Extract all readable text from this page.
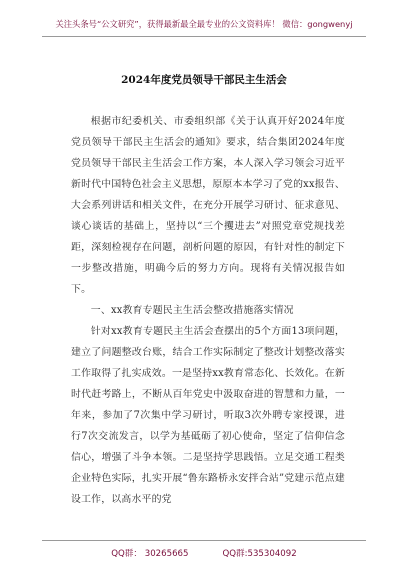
关注头条号“公文研究”，获得最新最全最专业的公文资料库！ 微信：gongwenyj
2024年度党员领导干部民主生活会

根据市纪委机关、市委组织部《关于认真开好2024年度党员领导干部民主生活会的通知》要求，结合集团2024年度党员领导干部民主生活会工作方案，本人深入学习领会习近平新时代中国特色社会主义思想，原原本本学习了党的xx报告、大会系列讲话和相关文件，在充分开展学习研讨、征求意见、谈心谈话的基础上，坚持以“三个攫进去”对照党章党规找差距，深刻检视存在问题，剖析问题的原因，有针对性的制定下一步整改措施，明确今后的努力方向。现将有关情况报告如下。

一、xx教育专题民主生活会整改措施落实情况

针对xx教育专题民主生活会查摆出的5个方面13项问题，建立了问题整改台账，结合工作实际制定了整改计划整改落实工作取得了扎实成效。一是坚持xx教育常态化、长效化。在新时代赶考路上，不断从百年党史中汲取奋进的智慧和力量，一年来，参加了7次集中学习研讨，听取3次外聘专家授课，进行7次交流发言，以学为基砥砺了初心使命，坚定了信仰信念信心，增强了斗争本领。二是坚持学思践悟。立足交通工程类企业特色实际，扎实开展“鲁东路桥永安拌合站”党建示范点建设工作，以高水平的党

QQ群： 30265665	QQ群:535304092
